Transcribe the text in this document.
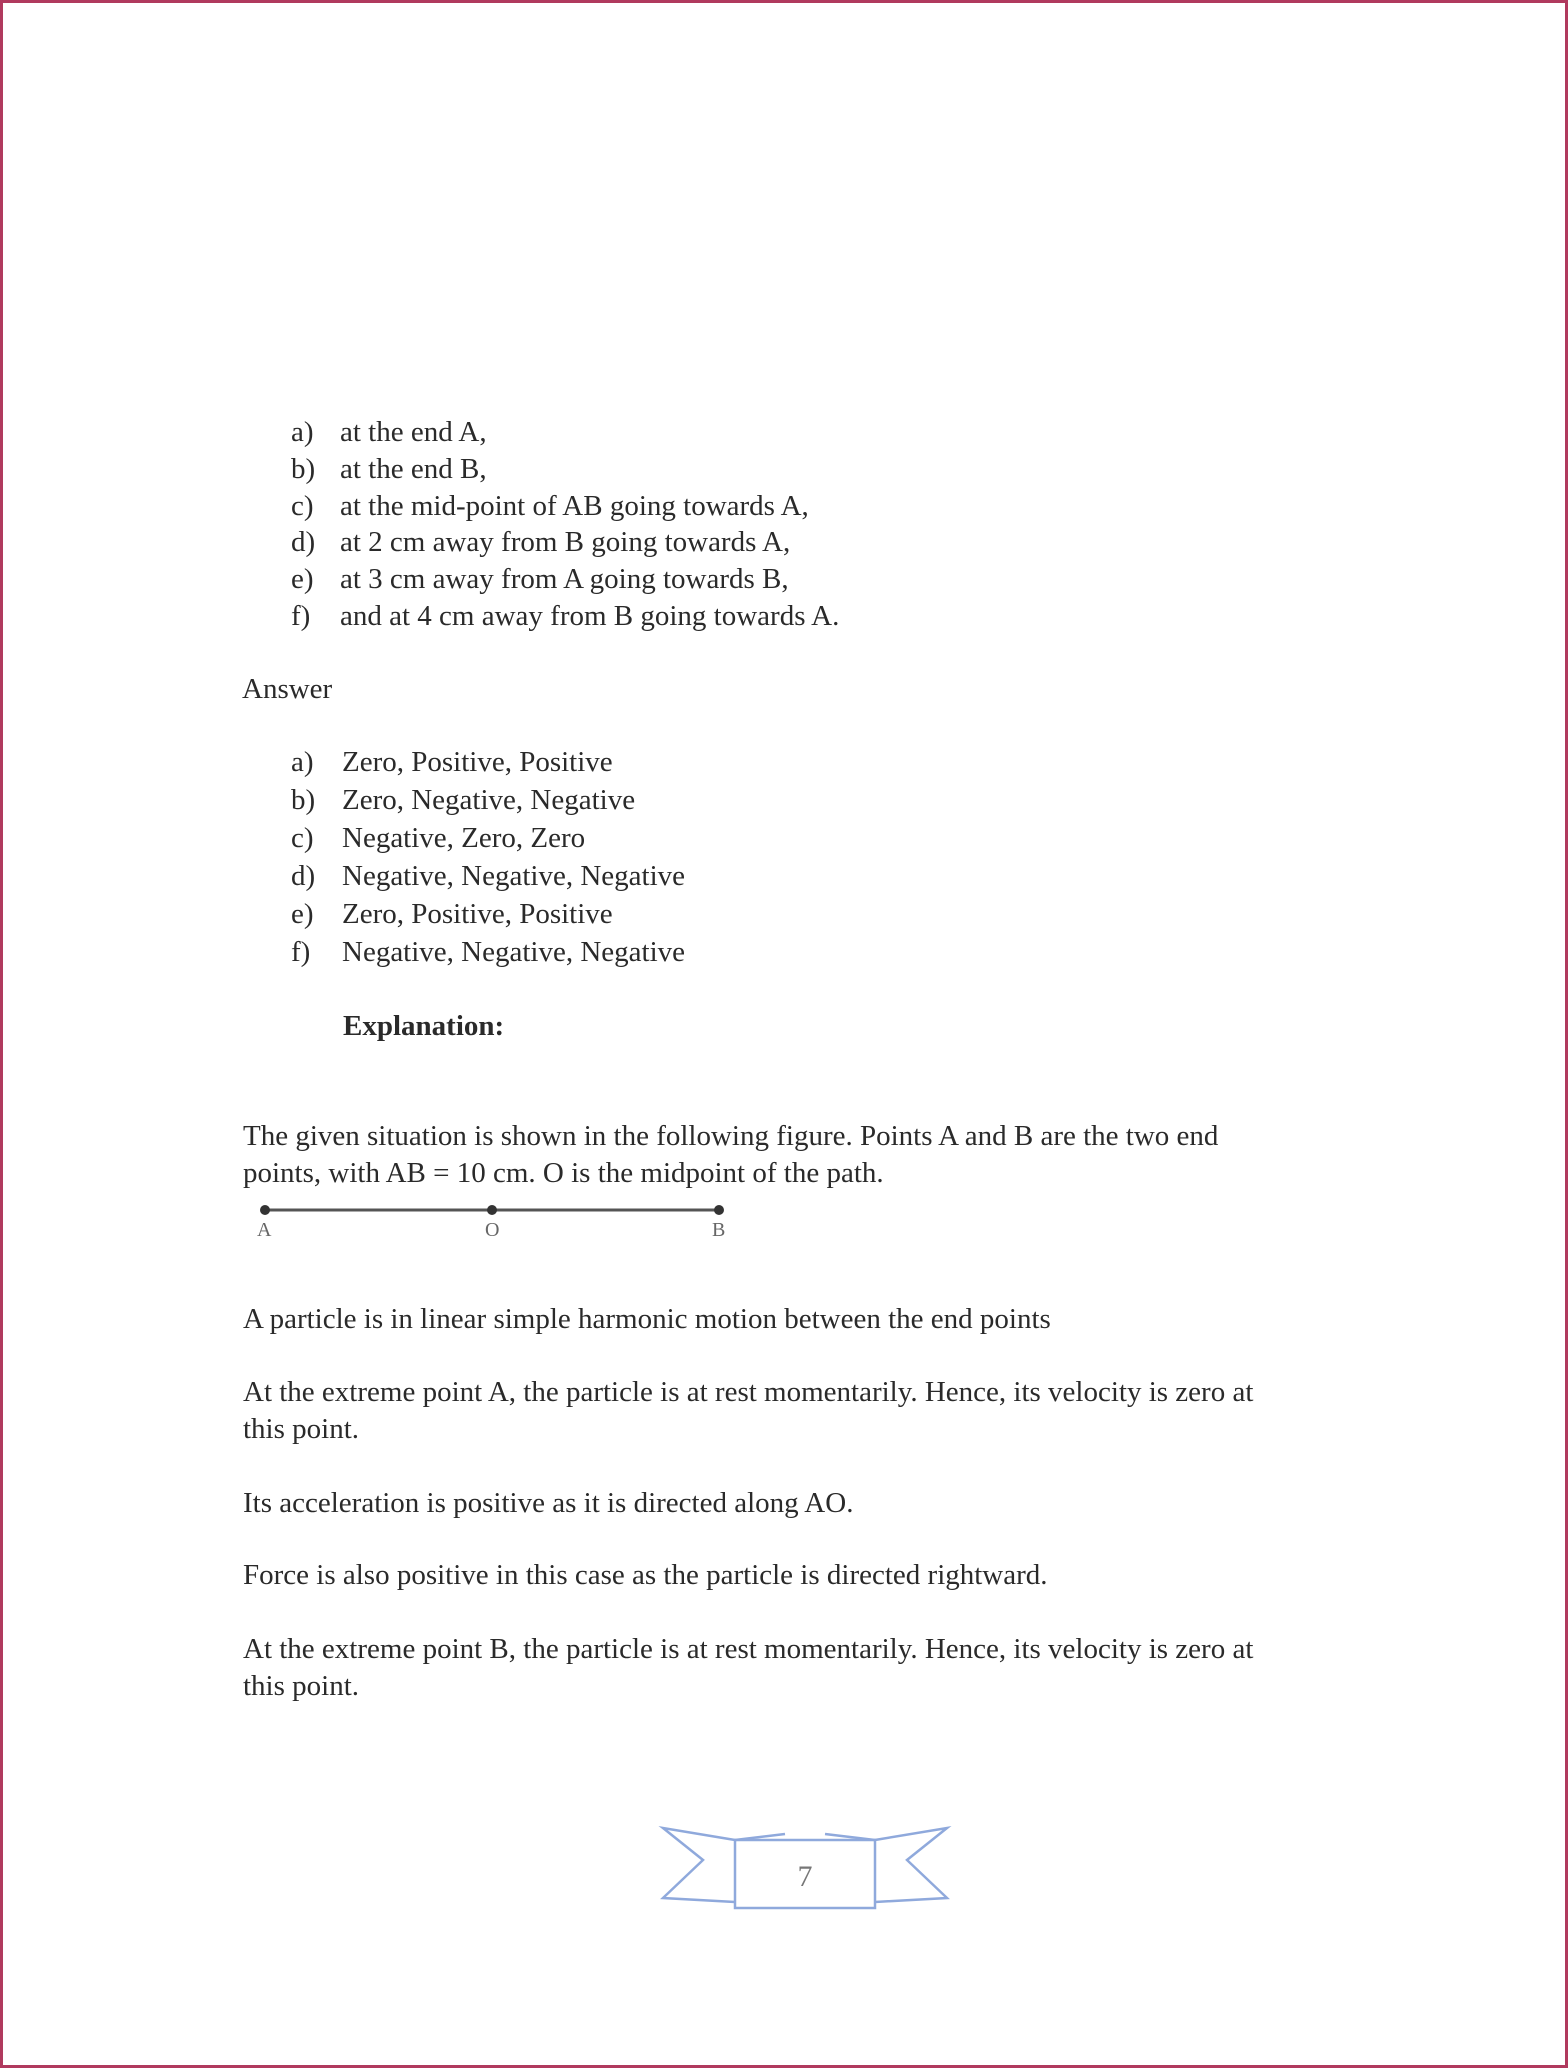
a) at the end A,
b) at the end B,
c) at the mid-point of AB going towards A,
d) at 2 cm away from B going towards A,
e) at 3 cm away from A going towards B,
f) and at 4 cm away from B going towards A.
Answer
a) Zero, Positive, Positive
b) Zero, Negative, Negative
c) Negative, Zero, Zero
d) Negative, Negative, Negative
e) Zero, Positive, Positive
f) Negative, Negative, Negative
Explanation:
The given situation is shown in the following figure. Points A and B are the two end
points, with AB = 10 cm. O is the midpoint of the path.
A	O	B
A particle is in linear simple harmonic motion between the end points
At the extreme point A, the particle is at rest momentarily. Hence, its velocity is zero at
this point.
Its acceleration is positive as it is directed along AO.
Force is also positive in this case as the particle is directed rightward.
At the extreme point B, the particle is at rest momentarily. Hence, its velocity is zero at
this point.
7
